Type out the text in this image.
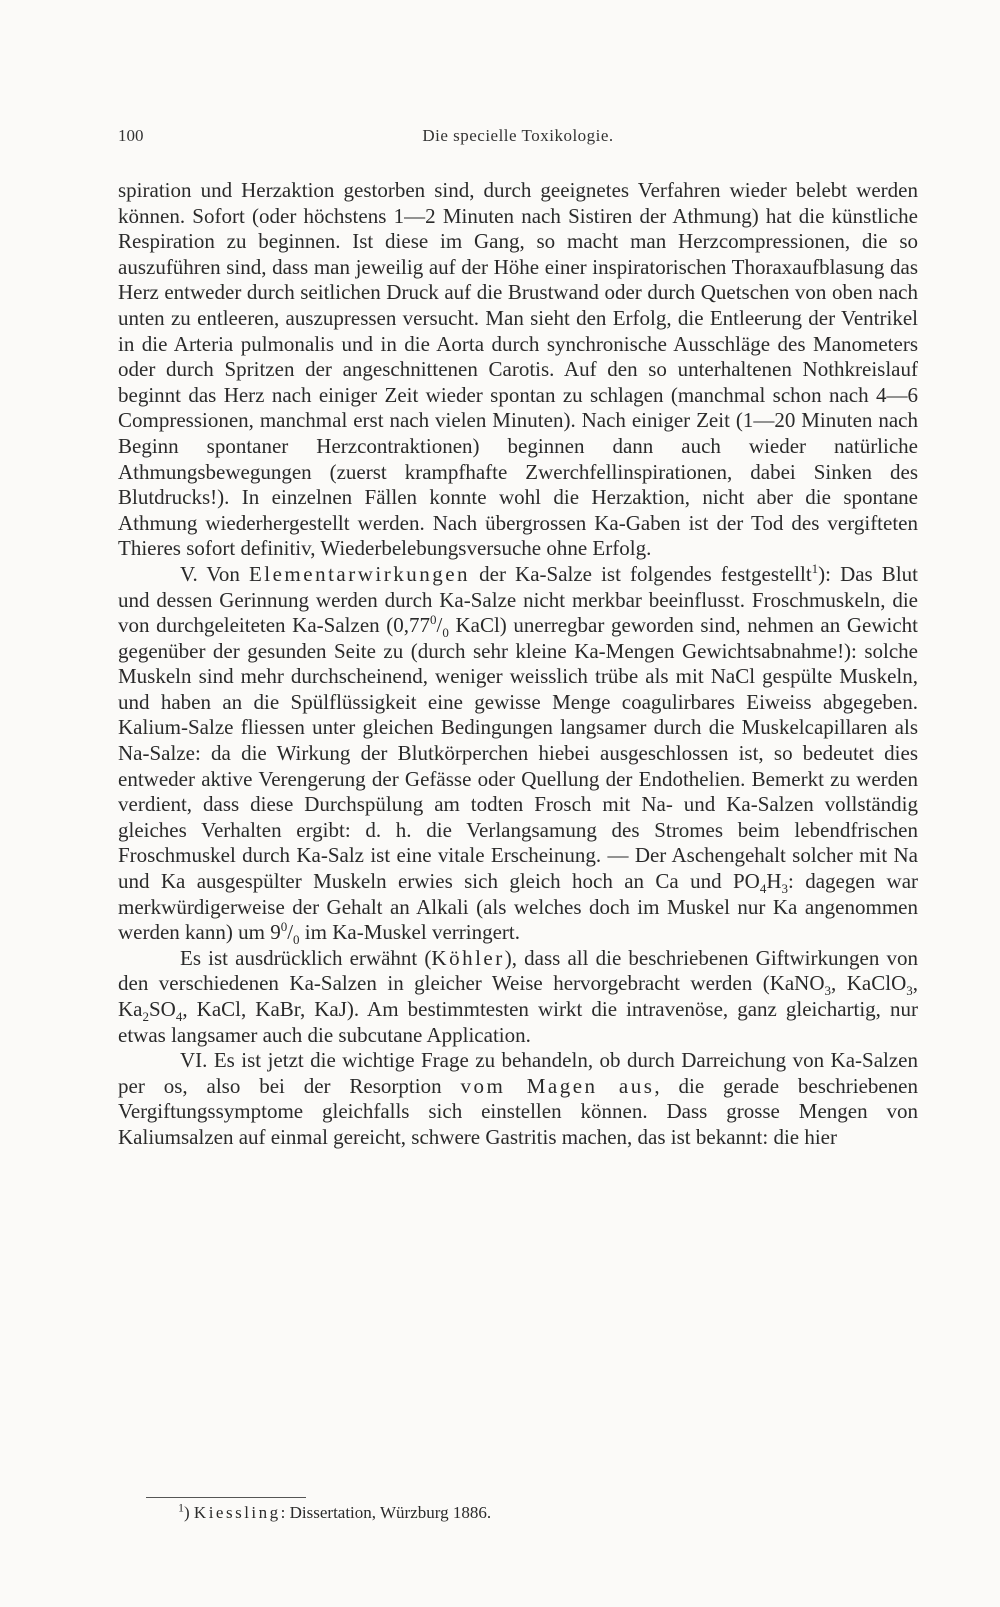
100	Die specielle Toxikologie.

spiration und Herzaktion gestorben sind, durch geeignetes Verfahren wieder belebt werden können. Sofort (oder höchstens 1—2 Minuten nach Sistiren der Athmung) hat die künstliche Respiration zu beginnen. Ist diese im Gang, so macht man Herzcompressionen, die so auszuführen sind, dass man jeweilig auf der Höhe einer inspiratorischen Thoraxaufblasung das Herz entweder durch seitlichen Druck auf die Brustwand oder durch Quetschen von oben nach unten zu entleeren, auszupressen versucht. Man sieht den Erfolg, die Entleerung der Ventrikel in die Arteria pulmonalis und in die Aorta durch synchronische Ausschläge des Manometers oder durch Spritzen der angeschnittenen Carotis. Auf den so unterhaltenen Nothkreislauf beginnt das Herz nach einiger Zeit wieder spontan zu schlagen (manchmal schon nach 4—6 Compressionen, manchmal erst nach vielen Minuten). Nach einiger Zeit (1—20 Minuten nach Beginn spontaner Herzcontraktionen) beginnen dann auch wieder natürliche Athmungsbewegungen (zuerst krampfhafte Zwerchfellinspirationen, dabei Sinken des Blutdrucks!). In einzelnen Fällen konnte wohl die Herzaktion, nicht aber die spontane Athmung wiederhergestellt werden. Nach übergrossen Ka-Gaben ist der Tod des vergifteten Thieres sofort definitiv, Wiederbelebungsversuche ohne Erfolg.

V. Von Elementarwirkungen der Ka-Salze ist folgendes festgestellt$^1$): Das Blut und dessen Gerinnung werden durch Ka-Salze nicht merkbar beeinflusst. Froschmuskeln, die von durchgeleiteten Ka-Salzen ($0,77^0/_0$ KaCl) unerregbar geworden sind, nehmen an Gewicht gegenüber der gesunden Seite zu (durch sehr kleine Ka-Mengen Gewichtsabnahme!): solche Muskeln sind mehr durchscheinend, weniger weisslich trübe als mit NaCl gespülte Muskeln, und haben an die Spülflüssigkeit eine gewisse Menge coagulirbares Eiweiss abgegeben. Kalium-Salze fliessen unter gleichen Bedingungen langsamer durch die Muskelcapillaren als Na-Salze: da die Wirkung der Blutkörperchen hiebei ausgeschlossen ist, so bedeutet dies entweder aktive Verengerung der Gefässe oder Quellung der Endothelien. Bemerkt zu werden verdient, dass diese Durchspülung am todten Frosch mit Na- und Ka-Salzen vollständig gleiches Verhalten ergibt: d. h. die Verlangsamung des Stromes beim lebendfrischen Froschmuskel durch Ka-Salz ist eine vitale Erscheinung. — Der Aschengehalt solcher mit Na und Ka ausgespülter Muskeln erwies sich gleich hoch an Ca und $PO_4H_3$: dagegen war merkwürdigerweise der Gehalt an Alkali (als welches doch im Muskel nur Ka angenommen werden kann) um $9^0/_0$ im Ka-Muskel verringert.

Es ist ausdrücklich erwähnt (Köhler), dass all die beschriebenen Giftwirkungen von den verschiedenen Ka-Salzen in gleicher Weise hervorgebracht werden (KaNO$_3$, KaClO$_3$, $Ka_2SO_4$, KaCl, KaBr, KaJ). Am bestimmtesten wirkt die intravenöse, ganz gleichartig, nur etwas langsamer auch die subcutane Application.

VI. Es ist jetzt die wichtige Frage zu behandeln, ob durch Darreichung von Ka-Salzen per os, also bei der Resorption vom Magen aus, die gerade beschriebenen Vergiftungssymptome gleichfalls sich einstellen können. Dass grosse Mengen von Kaliumsalzen auf einmal gereicht, schwere Gastritis machen, das ist bekannt: die hier

$^1$) Kiessling: Dissertation, Würzburg 1886.
